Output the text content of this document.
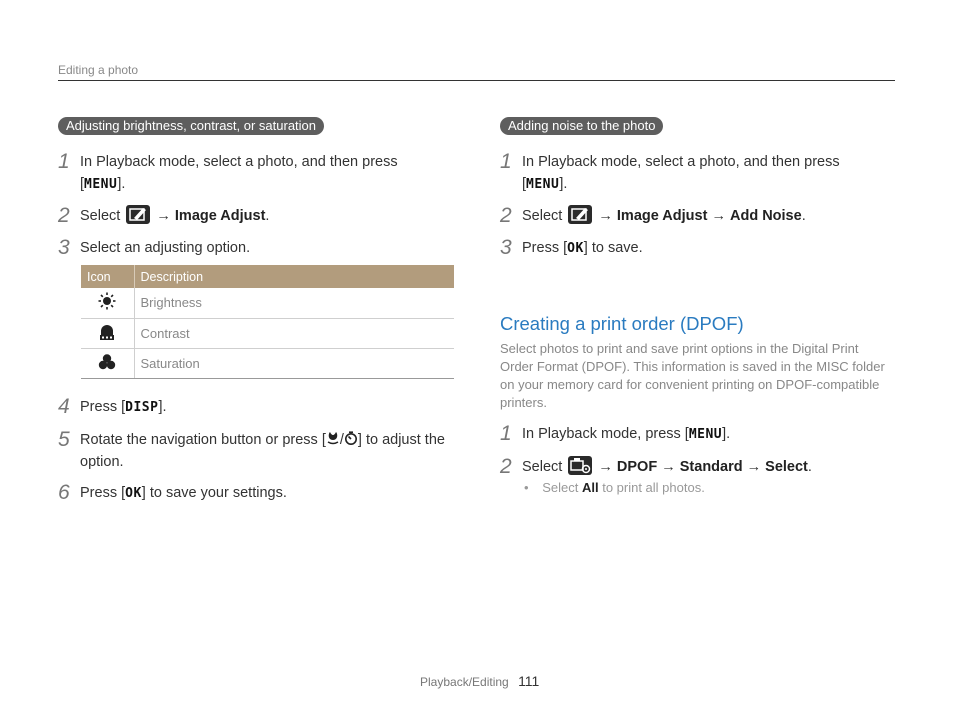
Editing a photo
Adjusting brightness, contrast, or saturation
1 In Playback mode, select a photo, and then press
[MENU].
2 Select → Image Adjust.
3 Select an adjusting option.
Icon	Description
	Brightness
	Contrast
	Saturation
4 Press [DISP].
5 Rotate the navigation button or press [ / ] to adjust the option.
6 Press [OK] to save your settings.
Adding noise to the photo
1 In Playback mode, select a photo, and then press
[MENU].
2 Select → Image Adjust → Add Noise.
3 Press [OK] to save.
Creating a print order (DPOF)
Select photos to print and save print options in the Digital Print Order Format (DPOF). This information is saved in the MISC folder on your memory card for convenient printing on DPOF-compatible printers.
1 In Playback mode, press [MENU].
2 Select → DPOF → Standard → Select.
• Select All to print all photos.
Playback/Editing 111
